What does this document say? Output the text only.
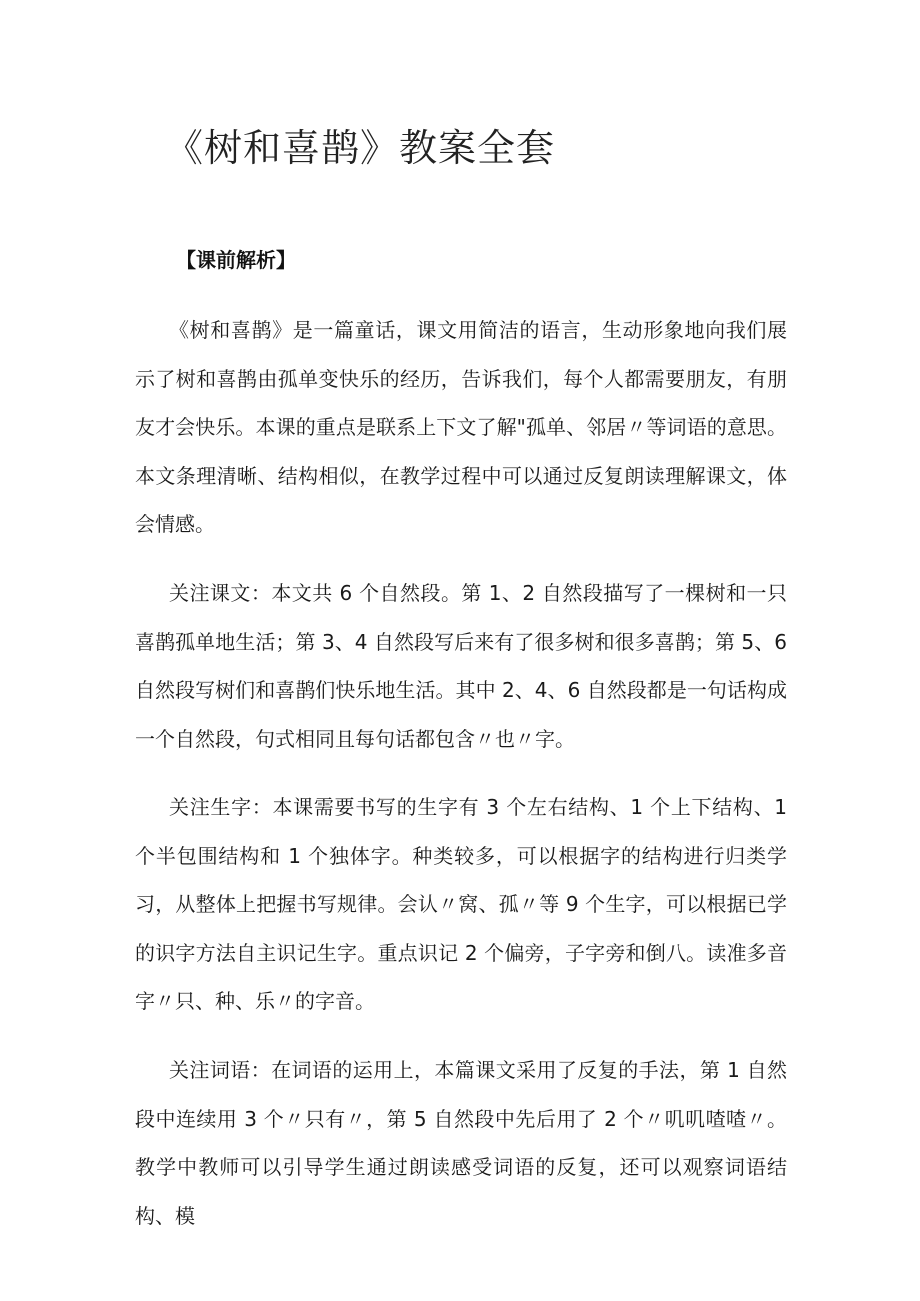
《树和喜鹊》教案全套
【课前解析】

《树和喜鹊》是一篇童话，课文用简洁的语言，生动形象地向我们展示了树和喜鹊由孤单变快乐的经历，告诉我们，每个人都需要朋友，有朋友才会快乐。本课的重点是联系上下文了解"孤单、邻居〃等词语的意思。本文条理清晰、结构相似，在教学过程中可以通过反复朗读理解课文，体会情感。

关注课文：本文共 6 个自然段。第 1、2 自然段描写了一棵树和一只喜鹊孤单地生活；第 3、4 自然段写后来有了很多树和很多喜鹊；第 5、6 自然段写树们和喜鹊们快乐地生活。其中 2、4、6 自然段都是一句话构成一个自然段，句式相同且每句话都包含〃也〃字。

关注生字：本课需要书写的生字有 3 个左右结构、1 个上下结构、1 个半包围结构和 1 个独体字。种类较多，可以根据字的结构进行归类学习，从整体上把握书写规律。会认〃窝、孤〃等 9 个生字，可以根据已学的识字方法自主识记生字。重点识记 2 个偏旁，子字旁和倒八。读准多音字〃只、种、乐〃的字音。

关注词语：在词语的运用上，本篇课文采用了反复的手法，第 1 自然段中连续用 3 个〃只有〃，第 5 自然段中先后用了 2 个〃叽叽喳喳〃。教学中教师可以引导学生通过朗读感受词语的反复，还可以观察词语结构、模
